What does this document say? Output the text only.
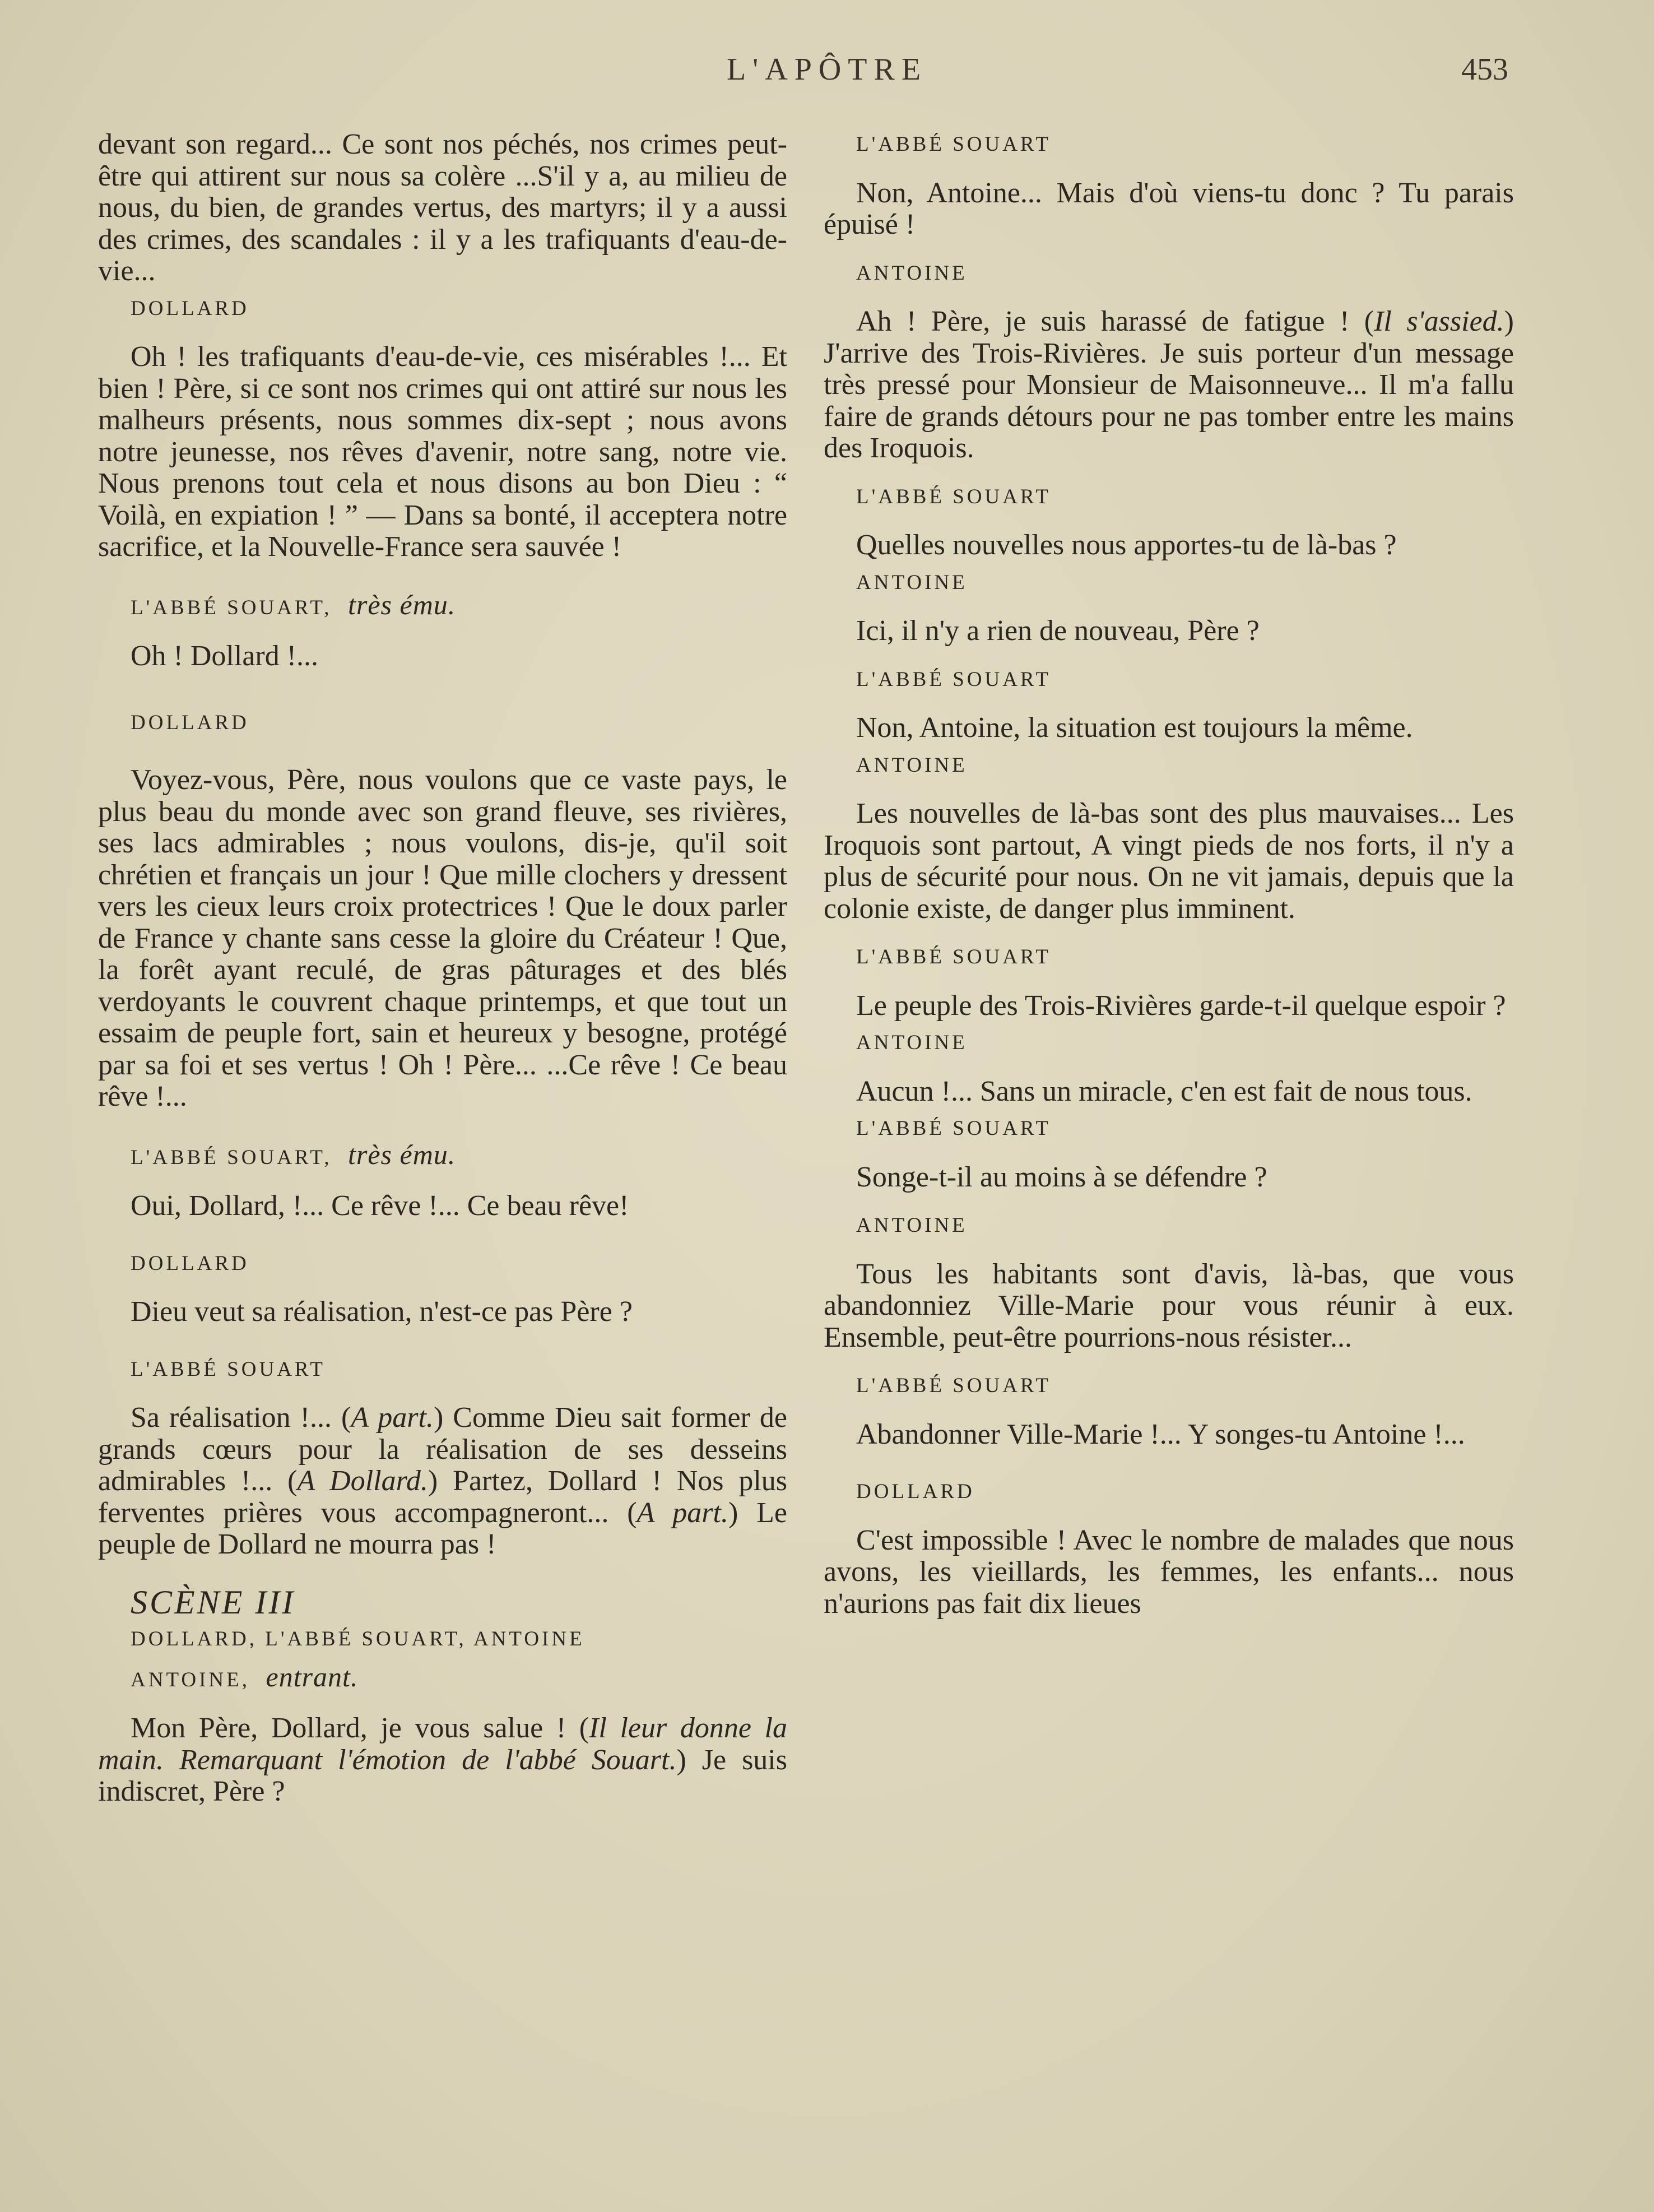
L'APÔTRE	453

devant son regard... Ce sont nos péchés, nos crimes peut-être qui attirent sur nous sa colère ...S'il y a, au milieu de nous, du bien, de grandes vertus, des martyrs; il y a aussi des crimes, des scandales : il y a les trafiquants d'eau-de-vie...

DOLLARD

Oh ! les trafiquants d'eau-de-vie, ces misérables !... Et bien ! Père, si ce sont nos crimes qui ont attiré sur nous les malheurs présents, nous sommes dix-sept ; nous avons notre jeunesse, nos rêves d'avenir, notre sang, notre vie. Nous prenons tout cela et nous disons au bon Dieu : “ Voilà, en expiation ! ” — Dans sa bonté, il acceptera notre sacrifice, et la Nouvelle-France sera sauvée !

L'ABBÉ SOUART, très ému.

Oh ! Dollard !...

DOLLARD

Voyez-vous, Père, nous voulons que ce vaste pays, le plus beau du monde avec son grand fleuve, ses rivières, ses lacs admirables ; nous voulons, dis-je, qu'il soit chrétien et français un jour ! Que mille clochers y dressent vers les cieux leurs croix protectrices ! Que le doux parler de France y chante sans cesse la gloire du Créateur ! Que, la forêt ayant reculé, de gras pâturages et des blés verdoyants le couvrent chaque printemps, et que tout un essaim de peuple fort, sain et heureux y besogne, protégé par sa foi et ses vertus ! Oh ! Père... ...Ce rêve ! Ce beau rêve !...

L'ABBÉ SOUART, très ému.

Oui, Dollard, !... Ce rêve !... Ce beau rêve!

DOLLARD

Dieu veut sa réalisation, n'est-ce pas Père ?

L'ABBÉ SOUART

Sa réalisation !... (A part.) Comme Dieu sait former de grands cœurs pour la réalisation de ses desseins admirables !... (A Dollard.) Partez, Dollard ! Nos plus ferventes prières vous accompagneront... (A part.) Le peuple de Dollard ne mourra pas !

SCÈNE III

DOLLARD, L'ABBÉ SOUART, ANTOINE

ANTOINE, entrant.

Mon Père, Dollard, je vous salue ! (Il leur donne la main. Remarquant l'émotion de l'abbé Souart.) Je suis indiscret, Père ?

L'ABBÉ SOUART

Non, Antoine... Mais d'où viens-tu donc ? Tu parais épuisé !

ANTOINE

Ah ! Père, je suis harassé de fatigue ! (Il s'assied.) J'arrive des Trois-Rivières. Je suis porteur d'un message très pressé pour Monsieur de Maisonneuve... Il m'a fallu faire de grands détours pour ne pas tomber entre les mains des Iroquois.

L'ABBÉ SOUART

Quelles nouvelles nous apportes-tu de là-bas ?

ANTOINE

Ici, il n'y a rien de nouveau, Père ?

L'ABBÉ SOUART

Non, Antoine, la situation est toujours la même.

ANTOINE

Les nouvelles de là-bas sont des plus mauvaises... Les Iroquois sont partout, A vingt pieds de nos forts, il n'y a plus de sécurité pour nous. On ne vit jamais, depuis que la colonie existe, de danger plus imminent.

L'ABBÉ SOUART

Le peuple des Trois-Rivières garde-t-il quelque espoir ?

ANTOINE

Aucun !... Sans un miracle, c'en est fait de nous tous.

L'ABBÉ SOUART

Songe-t-il au moins à se défendre ?

ANTOINE

Tous les habitants sont d'avis, là-bas, que vous abandonniez Ville-Marie pour vous réunir à eux. Ensemble, peut-être pourrions-nous résister...

L'ABBÉ SOUART

Abandonner Ville-Marie !... Y songes-tu Antoine !...

DOLLARD

C'est impossible ! Avec le nombre de malades que nous avons, les vieillards, les femmes, les enfants... nous n'aurions pas fait dix lieues
